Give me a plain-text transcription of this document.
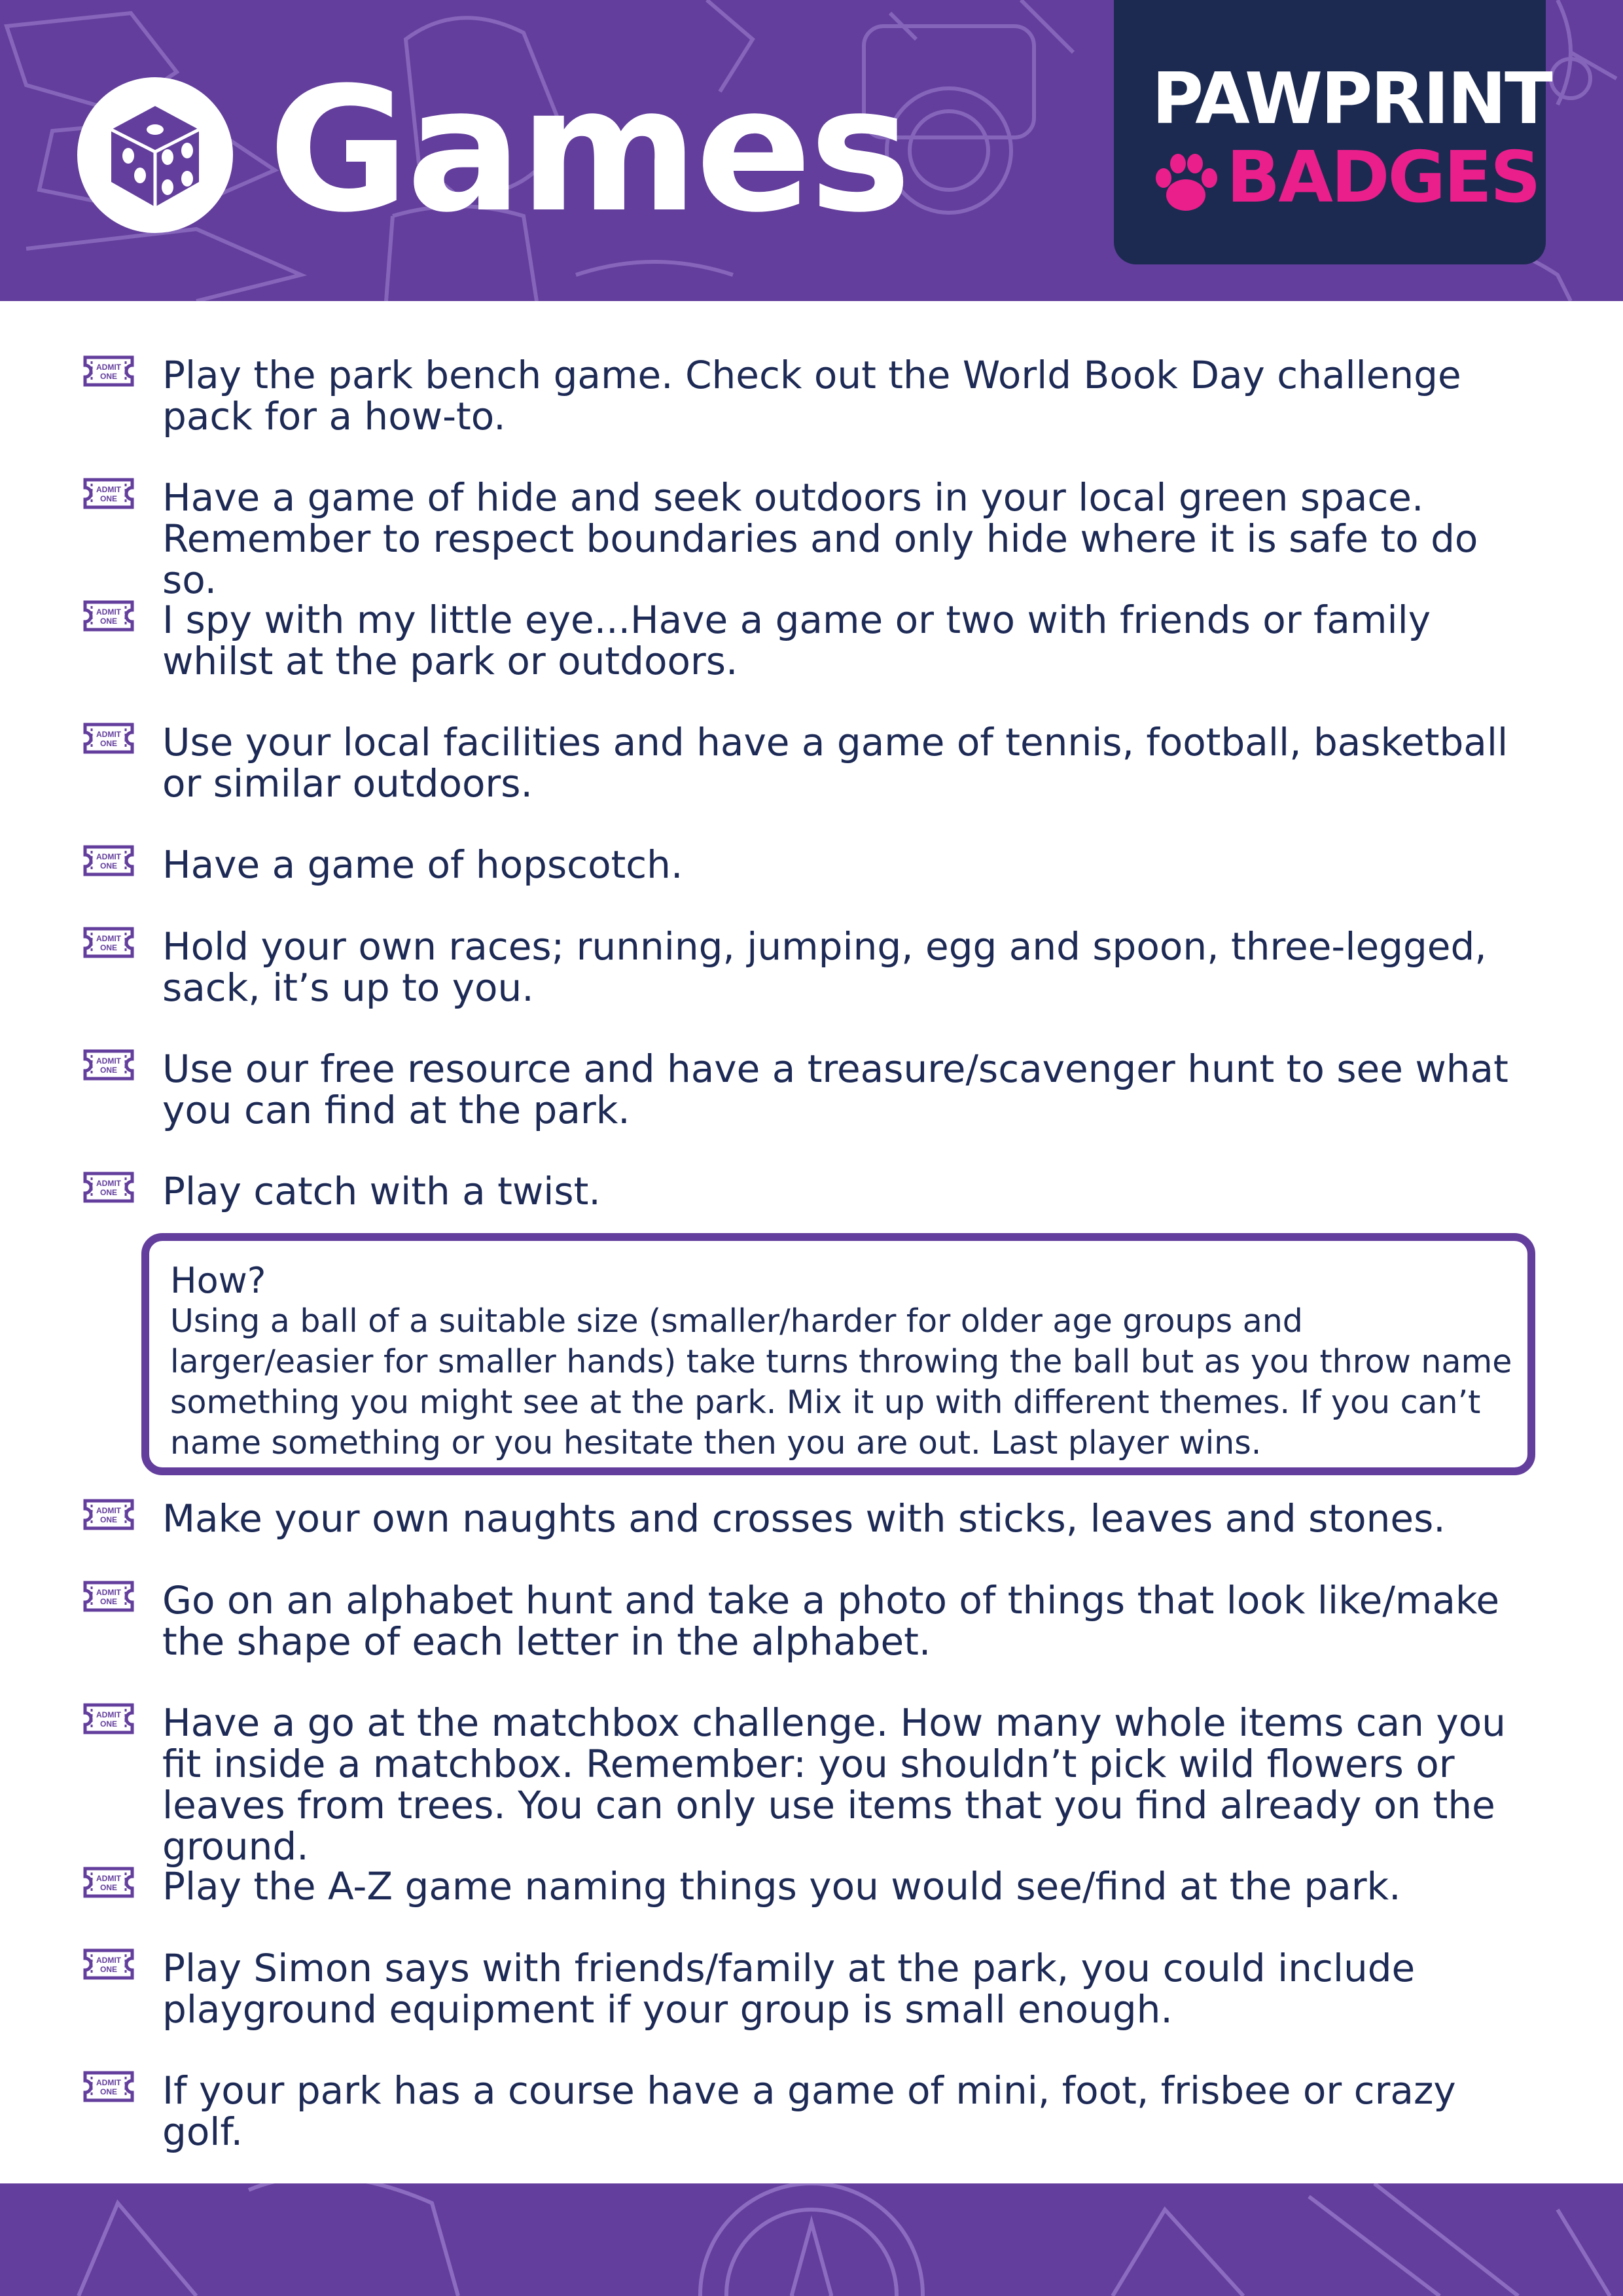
Games	PAWPRINT
BADGES
ADMIT
ONE Play the park bench game. Check out the World Book Day challenge pack for a how-to.
ADMIT
ONE Have a game of hide and seek outdoors in your local green space. Remember to respect boundaries and only hide where it is safe to do so.
ADMIT
ONE I spy with my little eye...Have a game or two with friends or family whilst at the park or outdoors.
ADMIT
ONE Use your local facilities and have a game of tennis, football, basketball or similar outdoors.
ADMIT
ONE Have a game of hopscotch.
ADMIT
ONE Hold your own races; running, jumping, egg and spoon, three-legged, sack, it’s up to you.
ADMIT
ONE Use our free resource and have a treasure/scavenger hunt to see what you can find at the park.
ADMIT
ONE Play catch with a twist.
ADMIT
ONE Make your own naughts and crosses with sticks, leaves and stones.
ADMIT
ONE Go on an alphabet hunt and take a photo of things that look like/make the shape of each letter in the alphabet.
ADMIT
ONE Have a go at the matchbox challenge. How many whole items can you fit inside a matchbox. Remember: you shouldn’t pick wild flowers or leaves from trees. You can only use items that you find already on the ground.
ADMIT
ONE Play the A-Z game naming things you would see/find at the park.
ADMIT
ONE Play Simon says with friends/family at the park, you could include playground equipment if your group is small enough.
ADMIT
ONE If your park has a course have a game of mini, foot, frisbee or crazy golf.
How?
Using a ball of a suitable size (smaller/harder for older age groups and larger/easier for smaller hands) take turns throwing the ball but as you throw name something you might see at the park. Mix it up with different themes. If you can’t name something or you hesitate then you are out. Last player wins.
